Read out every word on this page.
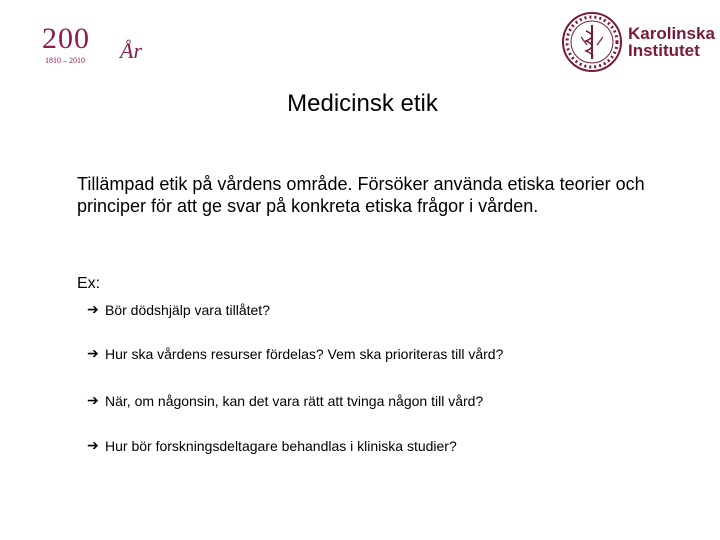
200 År
1810 – 2010
Karolinska
Institutet
Medicinsk etik
Tillämpad etik på vårdens område. Försöker använda etiska teorier och principer för att ge svar på konkreta etiska frågor i vården.
Ex:
➔ Bör dödshjälp vara tillåtet?
➔ Hur ska vårdens resurser fördelas? Vem ska prioriteras till vård?
➔ När, om någonsin, kan det vara rätt att tvinga någon till vård?
➔ Hur bör forskningsdeltagare behandlas i kliniska studier?
